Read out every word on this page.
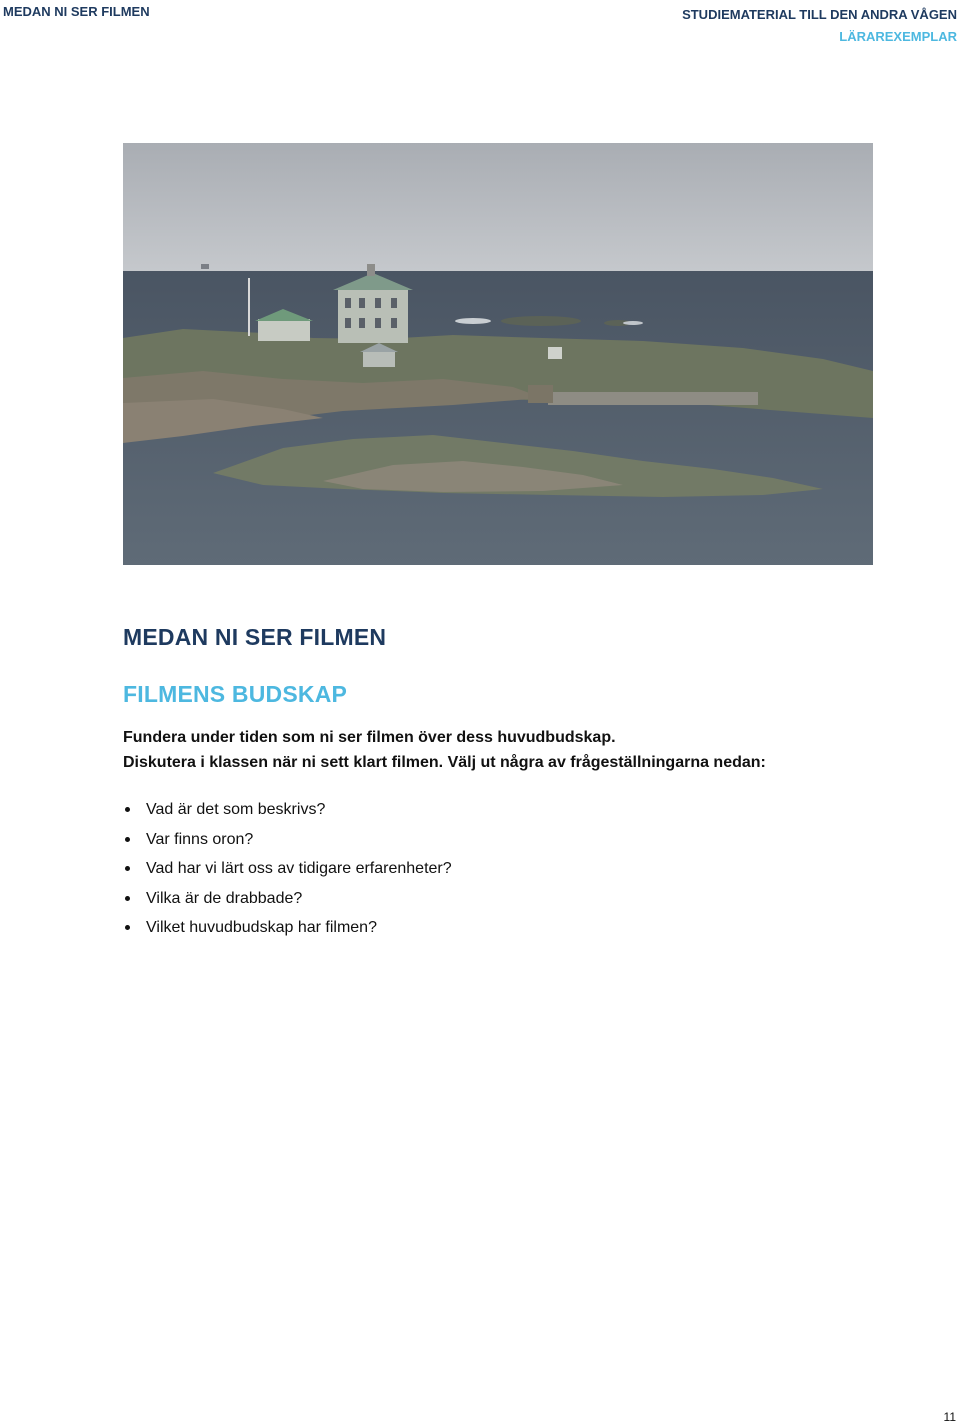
MEDAN NI SER FILMEN	STUDIEMATERIAL TILL DEN ANDRA VÅGEN
LÄRAREXEMPLAR
MEDAN NI SER FILMEN
FILMENS BUDSKAP
Fundera under tiden som ni ser filmen över dess huvudbudskap.
Diskutera i klassen när ni sett klart filmen. Välj ut några av frågeställningarna nedan:
Vad är det som beskrivs?
Var finns oron?
Vad har vi lärt oss av tidigare erfarenheter?
Vilka är de drabbade?
Vilket huvudbudskap har filmen?
11
